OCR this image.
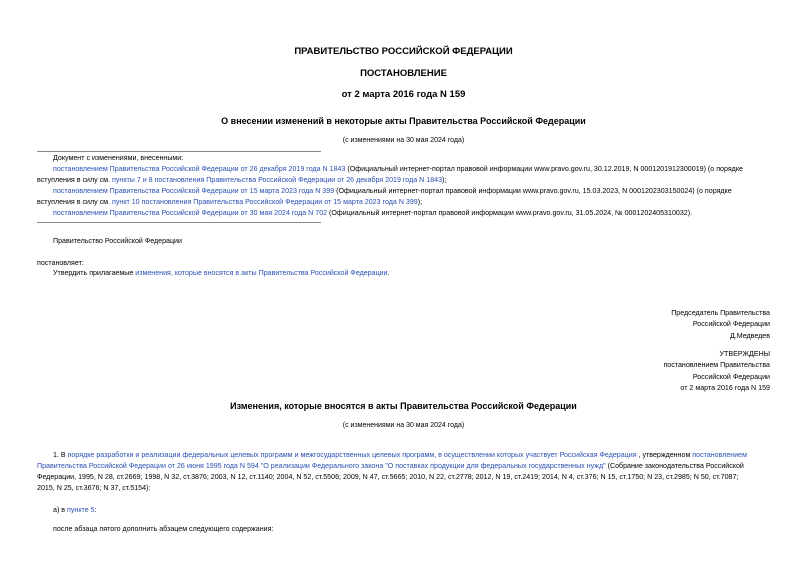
ПРАВИТЕЛЬСТВО РОССИЙСКОЙ ФЕДЕРАЦИИ
ПОСТАНОВЛЕНИЕ
от 2 марта 2016 года N 159
О внесении изменений в некоторые акты Правительства Российской Федерации
(с изменениями на 30 мая 2024 года)
Документ с изменениями, внесенными:
постановлением Правительства Российской Федерации от 26 декабря 2019 года N 1843 (Официальный интернет-портал правовой информации www.pravo.gov.ru, 30.12.2019, N 0001201912300019) (о порядке
вступления в силу см. пункты 7 и 8 постановления Правительства Российской Федерации от 26 декабря 2019 года N 1843);
постановлением Правительства Российской Федерации от 15 марта 2023 года N 399 (Официальный интернет-портал правовой информации www.pravo.gov.ru, 15.03.2023, N 0001202303150024) (о порядке
вступления в силу см. пункт 10 постановления Правительства Российской Федерации от 15 марта 2023 года N 399);
постановлением Правительства Российской Федерации от 30 мая 2024 года N 702 (Официальный интернет-портал правовой информации www.pravo.gov.ru, 31.05.2024, № 0001202405310032).
Правительство Российской Федерации
постановляет:
Утвердить прилагаемые изменения, которые вносятся в акты Правительства Российской Федерации.
Председатель Правительства
Российской Федерации
Д.Медведев
УТВЕРЖДЕНЫ
постановлением Правительства
Российской Федерации
от 2 марта 2016 года N 159
Изменения, которые вносятся в акты Правительства Российской Федерации
(с изменениями на 30 мая 2024 года)
1. В порядке разработки и реализации федеральных целевых программ и межгосударственных целевых программ, в осуществлении которых участвует Российская Федерация , утвержденном постановлением
Правительства Российской Федерации от 26 июня 1995 года N 594 "О реализации Федерального закона "О поставках продукции для федеральных государственных нужд" (Собрание законодательства Российской
Федерации, 1995, N 28, ст.2669; 1998, N 32, ст.3876; 2003, N 12, ст.1140; 2004, N 52, ст.5506; 2009, N 47, ст.5665; 2010, N 22, ст.2778; 2012, N 19, ст.2419; 2014, N 4, ст.376; N 15, ст.1750; N 23, ст.2985; N 50, ст.7087;
2015, N 25, ст.3676; N 37, ст.5154):
а) в пункте 5:
после абзаца пятого дополнить абзацем следующего содержания:
